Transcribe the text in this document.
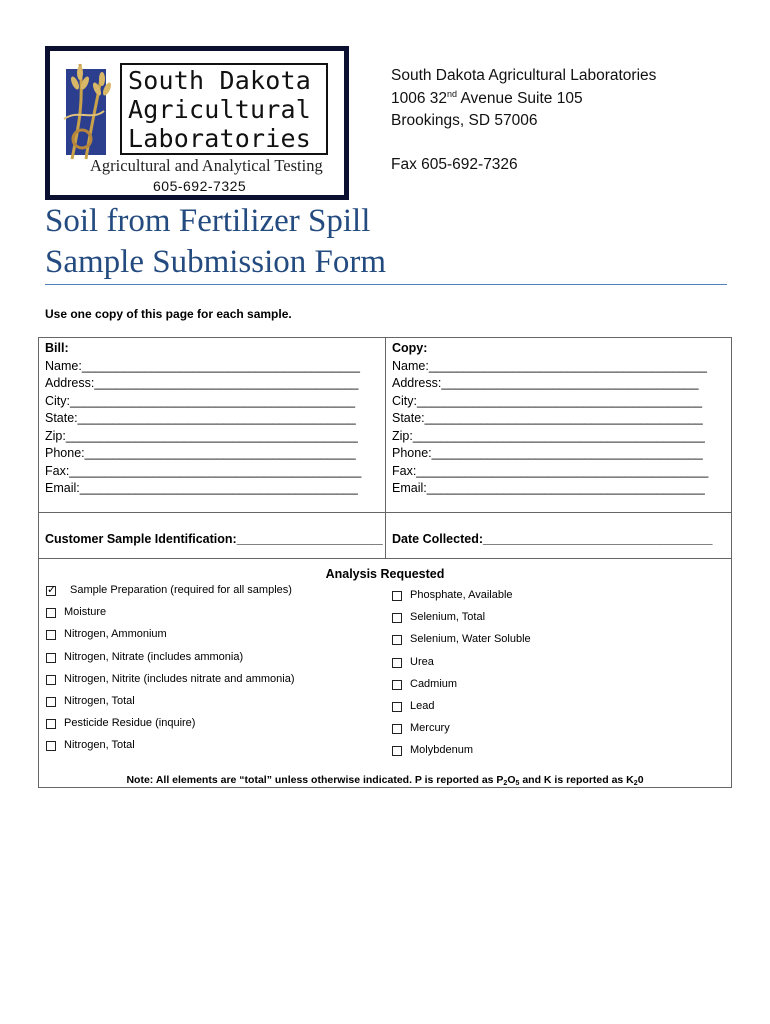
South Dakota
Agricultural
Laboratories
Agricultural and Analytical Testing
605-692-7325
South Dakota Agricultural Laboratories
1006 32nd Avenue Suite 105
Brookings, SD 57006
Fax 605-692-7326
Soil from Fertilizer Spill
Sample Submission Form
Use one copy of this page for each sample.
Bill:
Name:________________________________________
Address:______________________________________
City:_________________________________________
State:________________________________________
Zip:__________________________________________
Phone:_______________________________________
Fax:__________________________________________
Email:________________________________________
Copy:
Name:________________________________________
Address:_____________________________________
City:_________________________________________
State:________________________________________
Zip:__________________________________________
Phone:_______________________________________
Fax:__________________________________________
Email:________________________________________
Customer Sample Identification:_____________________ Date Collected:_________________________________
Analysis Requested
✓
Sample Preparation (required for all samples)
Moisture
Nitrogen, Ammonium
Nitrogen, Nitrate (includes ammonia)
Nitrogen, Nitrite (includes nitrate and ammonia)
Nitrogen, Total
Pesticide Residue (inquire)
Nitrogen, Total
Phosphate, Available
Selenium, Total
Selenium, Water Soluble
Urea
Cadmium
Lead
Mercury
Molybdenum
Note: All elements are “total” unless otherwise indicated. P is reported as $P_2O_5$ and K is reported as $K_20$
